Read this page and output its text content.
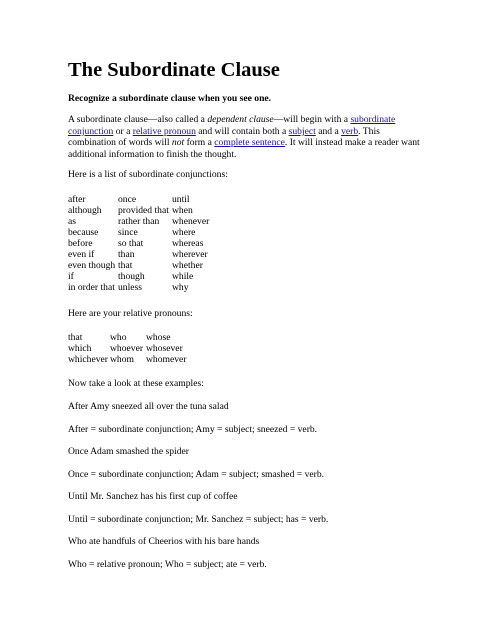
The Subordinate Clause

Recognize a subordinate clause when you see one.

A subordinate clause—also called a dependent clause—will begin with a subordinate conjunction or a relative pronoun and will contain both a subject and a verb. This combination of words will not form a complete sentence. It will instead make a reader want additional information to finish the thought.

Here is a list of subordinate conjunctions:

after	once	until
although	provided that	when
as	rather than	whenever
because	since	where
before	so that	whereas
even if	than	wherever
even though	that	whether
if	though	while
in order that	unless	why

Here are your relative pronouns:

that	who	whose
which	whoever	whosever
whichever	whom	whomever

Now take a look at these examples:

After Amy sneezed all over the tuna salad

After = subordinate conjunction; Amy = subject; sneezed = verb.

Once Adam smashed the spider

Once = subordinate conjunction; Adam = subject; smashed = verb.

Until Mr. Sanchez has his first cup of coffee

Until = subordinate conjunction; Mr. Sanchez = subject; has = verb.

Who ate handfuls of Cheerios with his bare hands

Who = relative pronoun; Who = subject; ate = verb.
